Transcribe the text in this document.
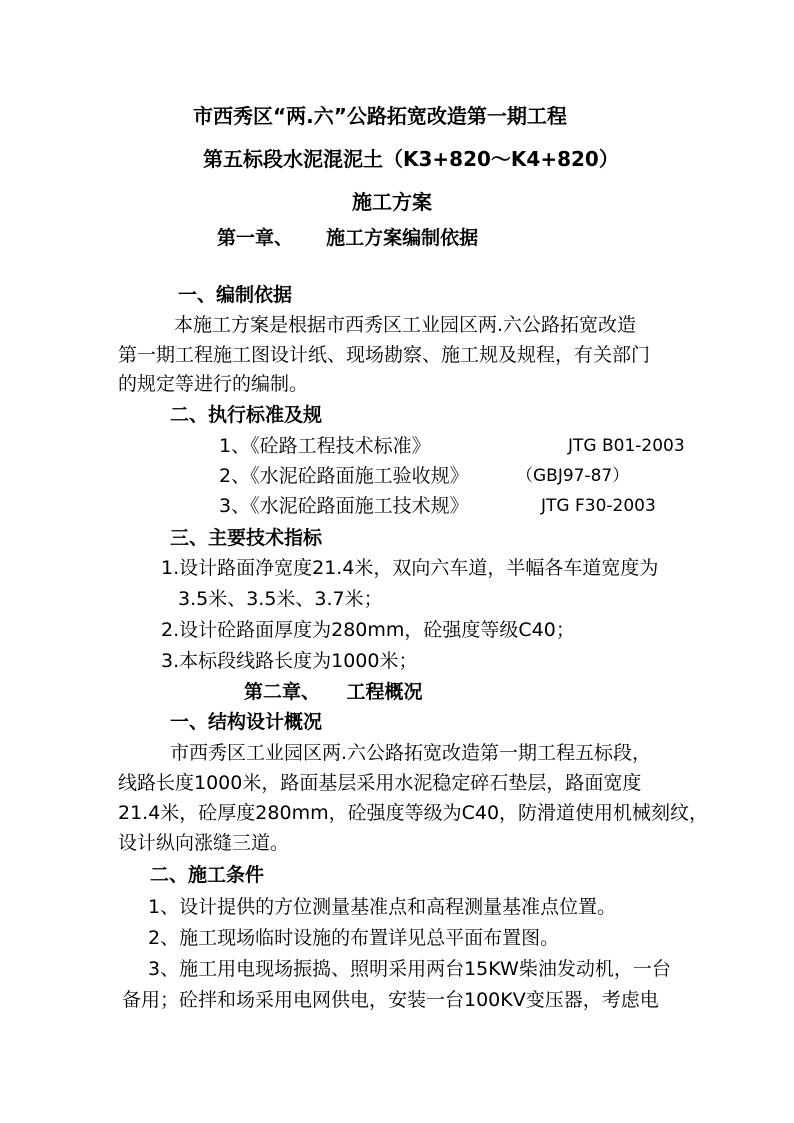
市西秀区“两.六”公路拓宽改造第一期工程
第五标段水泥混泥土（K3+820～K4+820）
施工方案
第一章、     施工方案编制依据
一、编制依据
本施工方案是根据市西秀区工业园区两.六公路拓宽改造
第一期工程施工图设计纸、现场勘察、施工规及规程，有关部门
的规定等进行的编制。
二、执行标准及规
1、《砼路工程技术标准》	JTG B01-2003
2、《水泥砼路面施工验收规》	（GBJ97-87）
3、《水泥砼路面施工技术规》	JTG F30-2003
三、主要技术指标
1.设计路面净宽度21.4米，双向六车道，半幅各车道宽度为
3.5米、3.5米、3.7米；
2.设计砼路面厚度为280mm，砼强度等级C40；
3.本标段线路长度为1000米；
第二章、    工程概况
一、结构设计概况
市西秀区工业园区两.六公路拓宽改造第一期工程五标段，
线路长度1000米，路面基层采用水泥稳定碎石垫层，路面宽度
21.4米，砼厚度280mm，砼强度等级为C40，防滑道使用机械刻纹，
设计纵向涨缝三道。
二、施工条件
1、设计提供的方位测量基准点和高程测量基准点位置。
2、施工现场临时设施的布置详见总平面布置图。
3、施工用电现场振捣、照明采用两台15KW柴油发动机，一台
备用；砼拌和场采用电网供电，安装一台100KV变压器，考虑电
